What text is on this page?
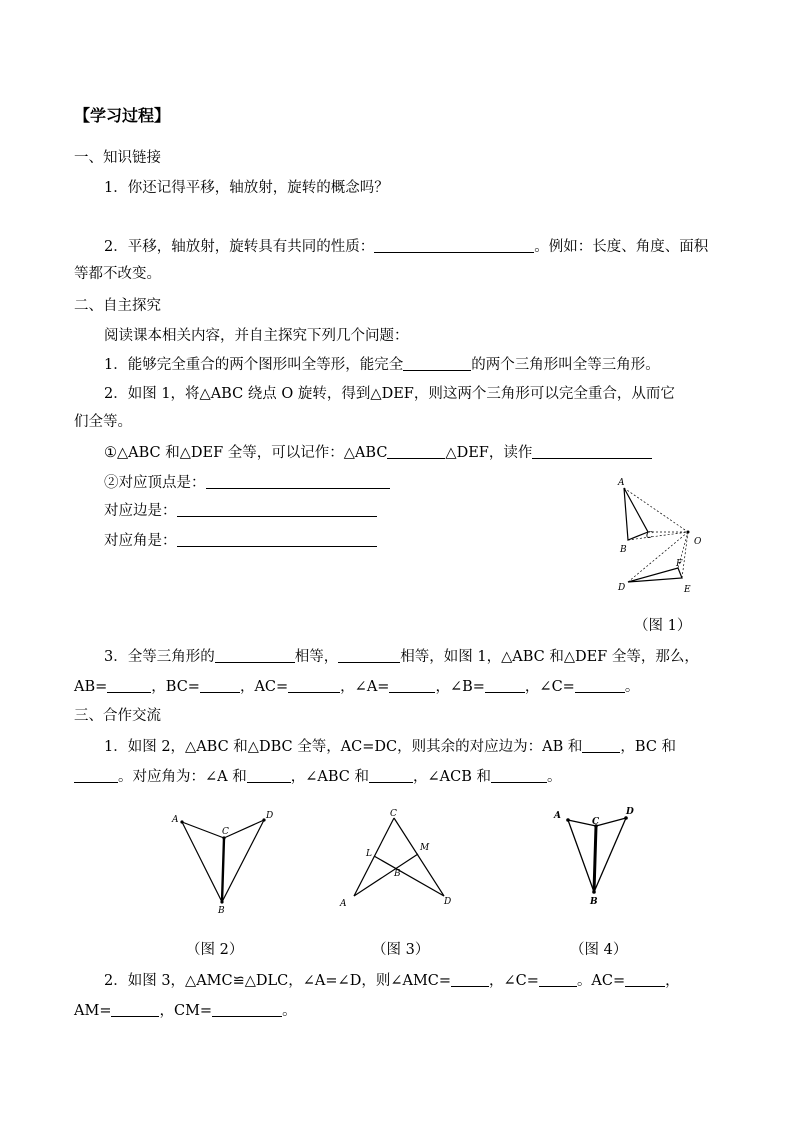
【学习过程】
一、知识链接
1．你还记得平移，轴放射，旋转的概念吗？
2．平移，轴放射，旋转具有共同的性质：	。例如：长度、角度、面积
等都不改变。
二、自主探究
阅读课本相关内容，并自主探究下列几个问题：
1．能够完全重合的两个图形叫全等形，能完全	的两个三角形叫全等三角形。
2．如图 1，将△ABC 绕点 O 旋转，得到△DEF，则这两个三角形可以完全重合，从而它
们全等。
①△ABC 和△DEF 全等，可以记作：△ABC	△DEF，读作
②对应顶点是：
对应边是：
对应角是：
A
B
C
O
D	E
F
（图 1）
3．全等三角形的	相等，	相等，如图 1，△ABC 和△DEF 全等，那么，
AB=	，BC=	，AC=	，∠A=	，∠B=	，∠C=	。
三、合作交流
1．如图 2，△ABC 和△DBC 全等，AC=DC，则其余的对应边为：AB 和	，BC 和
。对应角为：∠A 和	，∠ABC 和	，∠ACB 和	。
A	D
C
B
（图 2）
C
L
M
B
A	D
（图 3）
A	D
C
B
（图 4）
2．如图 3，△AMC≌△DLC，∠A=∠D，则∠AMC=	，∠C=	。AC=	，
AM=	，CM=	。
